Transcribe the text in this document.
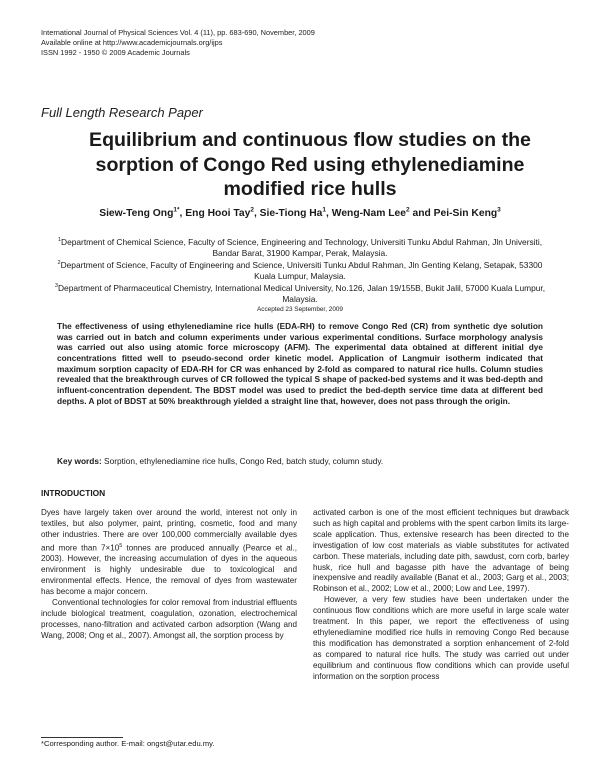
International Journal of Physical Sciences Vol. 4 (11), pp. 683-690, November, 2009
Available online at http://www.academicjournals.org/ijps
ISSN 1992 - 1950 © 2009 Academic Journals
Full Length Research Paper
Equilibrium and continuous flow studies on the sorption of Congo Red using ethylenediamine modified rice hulls
Siew-Teng Ong$^{1*}$, Eng Hooi Tay$^2$, Sie-Tiong Ha$^1$, Weng-Nam Lee$^2$ and Pei-Sin Keng$^3$
$^1$Department of Chemical Science, Faculty of Science, Engineering and Technology, Universiti Tunku Abdul Rahman, Jln Universiti, Bandar Barat, 31900 Kampar, Perak, Malaysia.
$^2$Department of Science, Faculty of Engineering and Science, Universiti Tunku Abdul Rahman, Jln Genting Kelang, Setapak, 53300 Kuala Lumpur, Malaysia.
$^3$Department of Pharmaceutical Chemistry, International Medical University, No.126, Jalan 19/155B, Bukit Jalil, 57000 Kuala Lumpur, Malaysia.
Accepted 23 September, 2009
The effectiveness of using ethylenediamine rice hulls (EDA-RH) to remove Congo Red (CR) from synthetic dye solution was carried out in batch and column experiments under various experimental conditions. Surface morphology analysis was carried out also using atomic force microscopy (AFM). The experimental data obtained at different initial dye concentrations fitted well to pseudo-second order kinetic model. Application of Langmuir isotherm indicated that maximum sorption capacity of EDA-RH for CR was enhanced by 2-fold as compared to natural rice hulls. Column studies revealed that the breakthrough curves of CR followed the typical S shape of packed-bed systems and it was bed-depth and influent-concentration dependent. The BDST model was used to predict the bed-depth service time data at different bed depths. A plot of BDST at 50% breakthrough yielded a straight line that, however, does not pass through the origin.
Key words: Sorption, ethylenediamine rice hulls, Congo Red, batch study, column study.
INTRODUCTION

Dyes have largely taken over around the world, interest not only in textiles, but also polymer, paint, printing, cosmetic, food and many other industries. There are over 100,000 commercially available dyes and more than $7\times 10^5$ tonnes are produced annually (Pearce et al., 2003). However, the increasing accumulation of dyes in the aqueous environment is highly undesirable due to toxicological and environmental effects. Hence, the removal of dyes from wastewater has become a major concern.

Conventional technologies for color removal from industrial effluents include biological treatment, coagulation, ozonation, electrochemical processes, nano-filtration and activated carbon adsorption (Wang and Wang, 2008; Ong et al., 2007). Amongst all, the sorption process by

activated carbon is one of the most efficient techniques but drawback such as high capital and problems with the spent carbon limits its large-scale application. Thus, extensive research has been directed to the investigation of low cost materials as viable substitutes for activated carbon. These materials, including date pith, sawdust, corn corb, barley husk, rice hull and bagasse pith have the advantage of being inexpensive and readily available (Banat et al., 2003; Garg et al., 2003; Robinson et al., 2002; Low et al., 2000; Low and Lee, 1997).

However, a very few studies have been undertaken under the continuous flow conditions which are more useful in large scale water treatment. In this paper, we report the effectiveness of using ethylenediamine modified rice hulls in removing Congo Red because this modification has demonstrated a sorption enhancement of 2-fold as compared to natural rice hulls. The study was carried out under equilibrium and continuous flow conditions which can provide useful information on the sorption process

*Corresponding author. E-mail: ongst@utar.edu.my.
